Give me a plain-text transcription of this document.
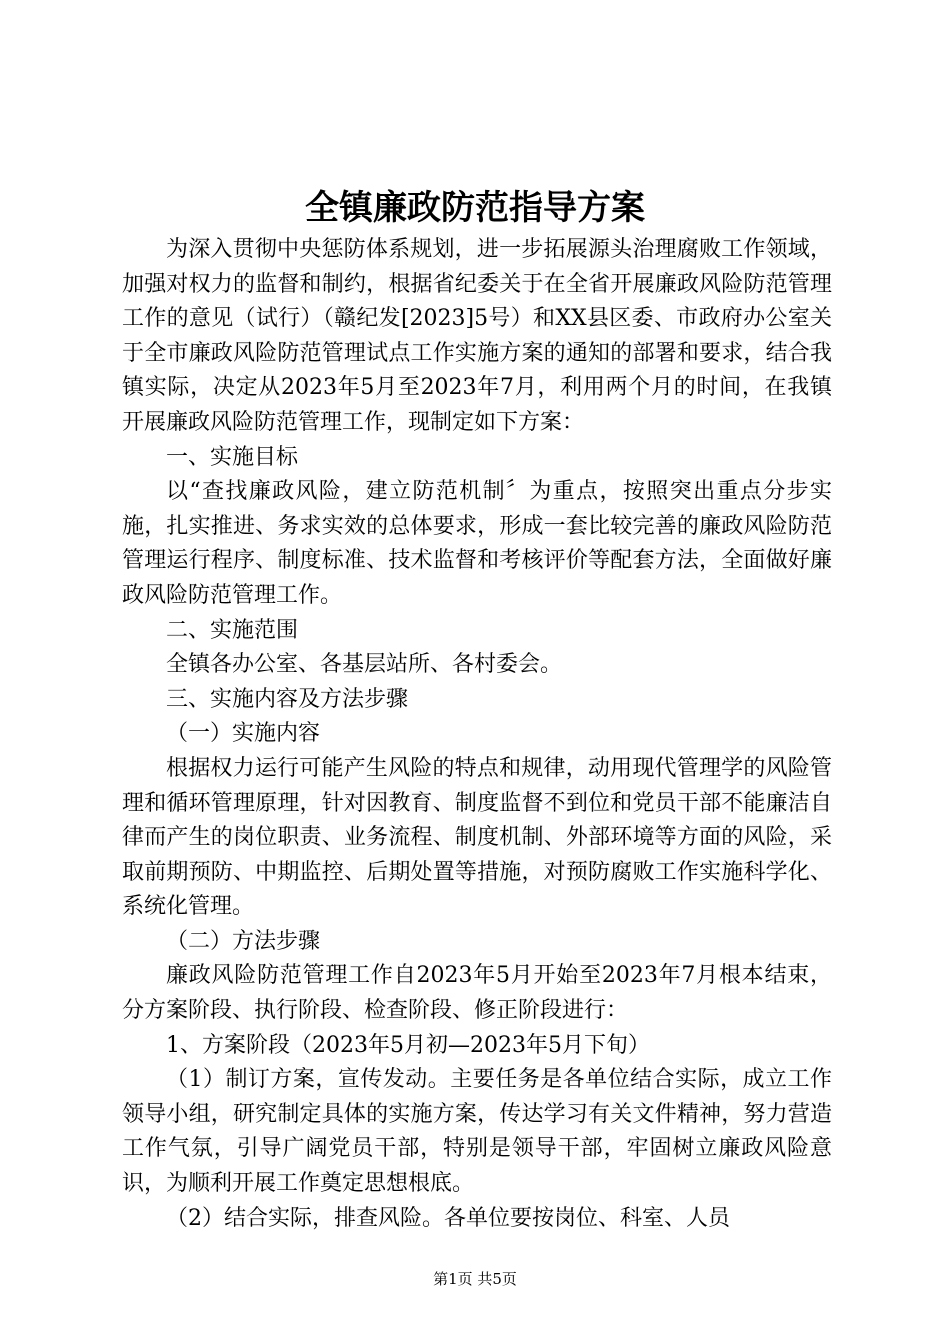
全镇廉政防范指导方案

为深入贯彻中央惩防体系规划，进一步拓展源头治理腐败工作领域，加强对权力的监督和制约，根据省纪委关于在全省开展廉政风险防范管理工作的意见（试行）（赣纪发[2023]5号）和XX县区委、市政府办公室关于全市廉政风险防范管理试点工作实施方案的通知的部署和要求，结合我镇实际，决定从2023年5月至2023年7月，利用两个月的时间，在我镇开展廉政风险防范管理工作，现制定如下方案：

一、实施目标

以“查找廉政风险，建立防范机制〞为重点，按照突出重点分步实施，扎实推进、务求实效的总体要求，形成一套比较完善的廉政风险防范管理运行程序、制度标准、技术监督和考核评价等配套方法，全面做好廉政风险防范管理工作。

二、实施范围

全镇各办公室、各基层站所、各村委会。

三、实施内容及方法步骤

（一）实施内容

根据权力运行可能产生风险的特点和规律，动用现代管理学的风险管理和循环管理原理，针对因教育、制度监督不到位和党员干部不能廉洁自律而产生的岗位职责、业务流程、制度机制、外部环境等方面的风险，采取前期预防、中期监控、后期处置等措施，对预防腐败工作实施科学化、系统化管理。

（二）方法步骤

廉政风险防范管理工作自2023年5月开始至2023年7月根本结束，分方案阶段、执行阶段、检查阶段、修正阶段进行：

1、方案阶段（2023年5月初—2023年5月下旬）

（1）制订方案，宣传发动。主要任务是各单位结合实际，成立工作领导小组，研究制定具体的实施方案，传达学习有关文件精神，努力营造工作气氛，引导广阔党员干部，特别是领导干部，牢固树立廉政风险意识，为顺利开展工作奠定思想根底。

（2）结合实际，排查风险。各单位要按岗位、科室、人员

第1页 共5页
